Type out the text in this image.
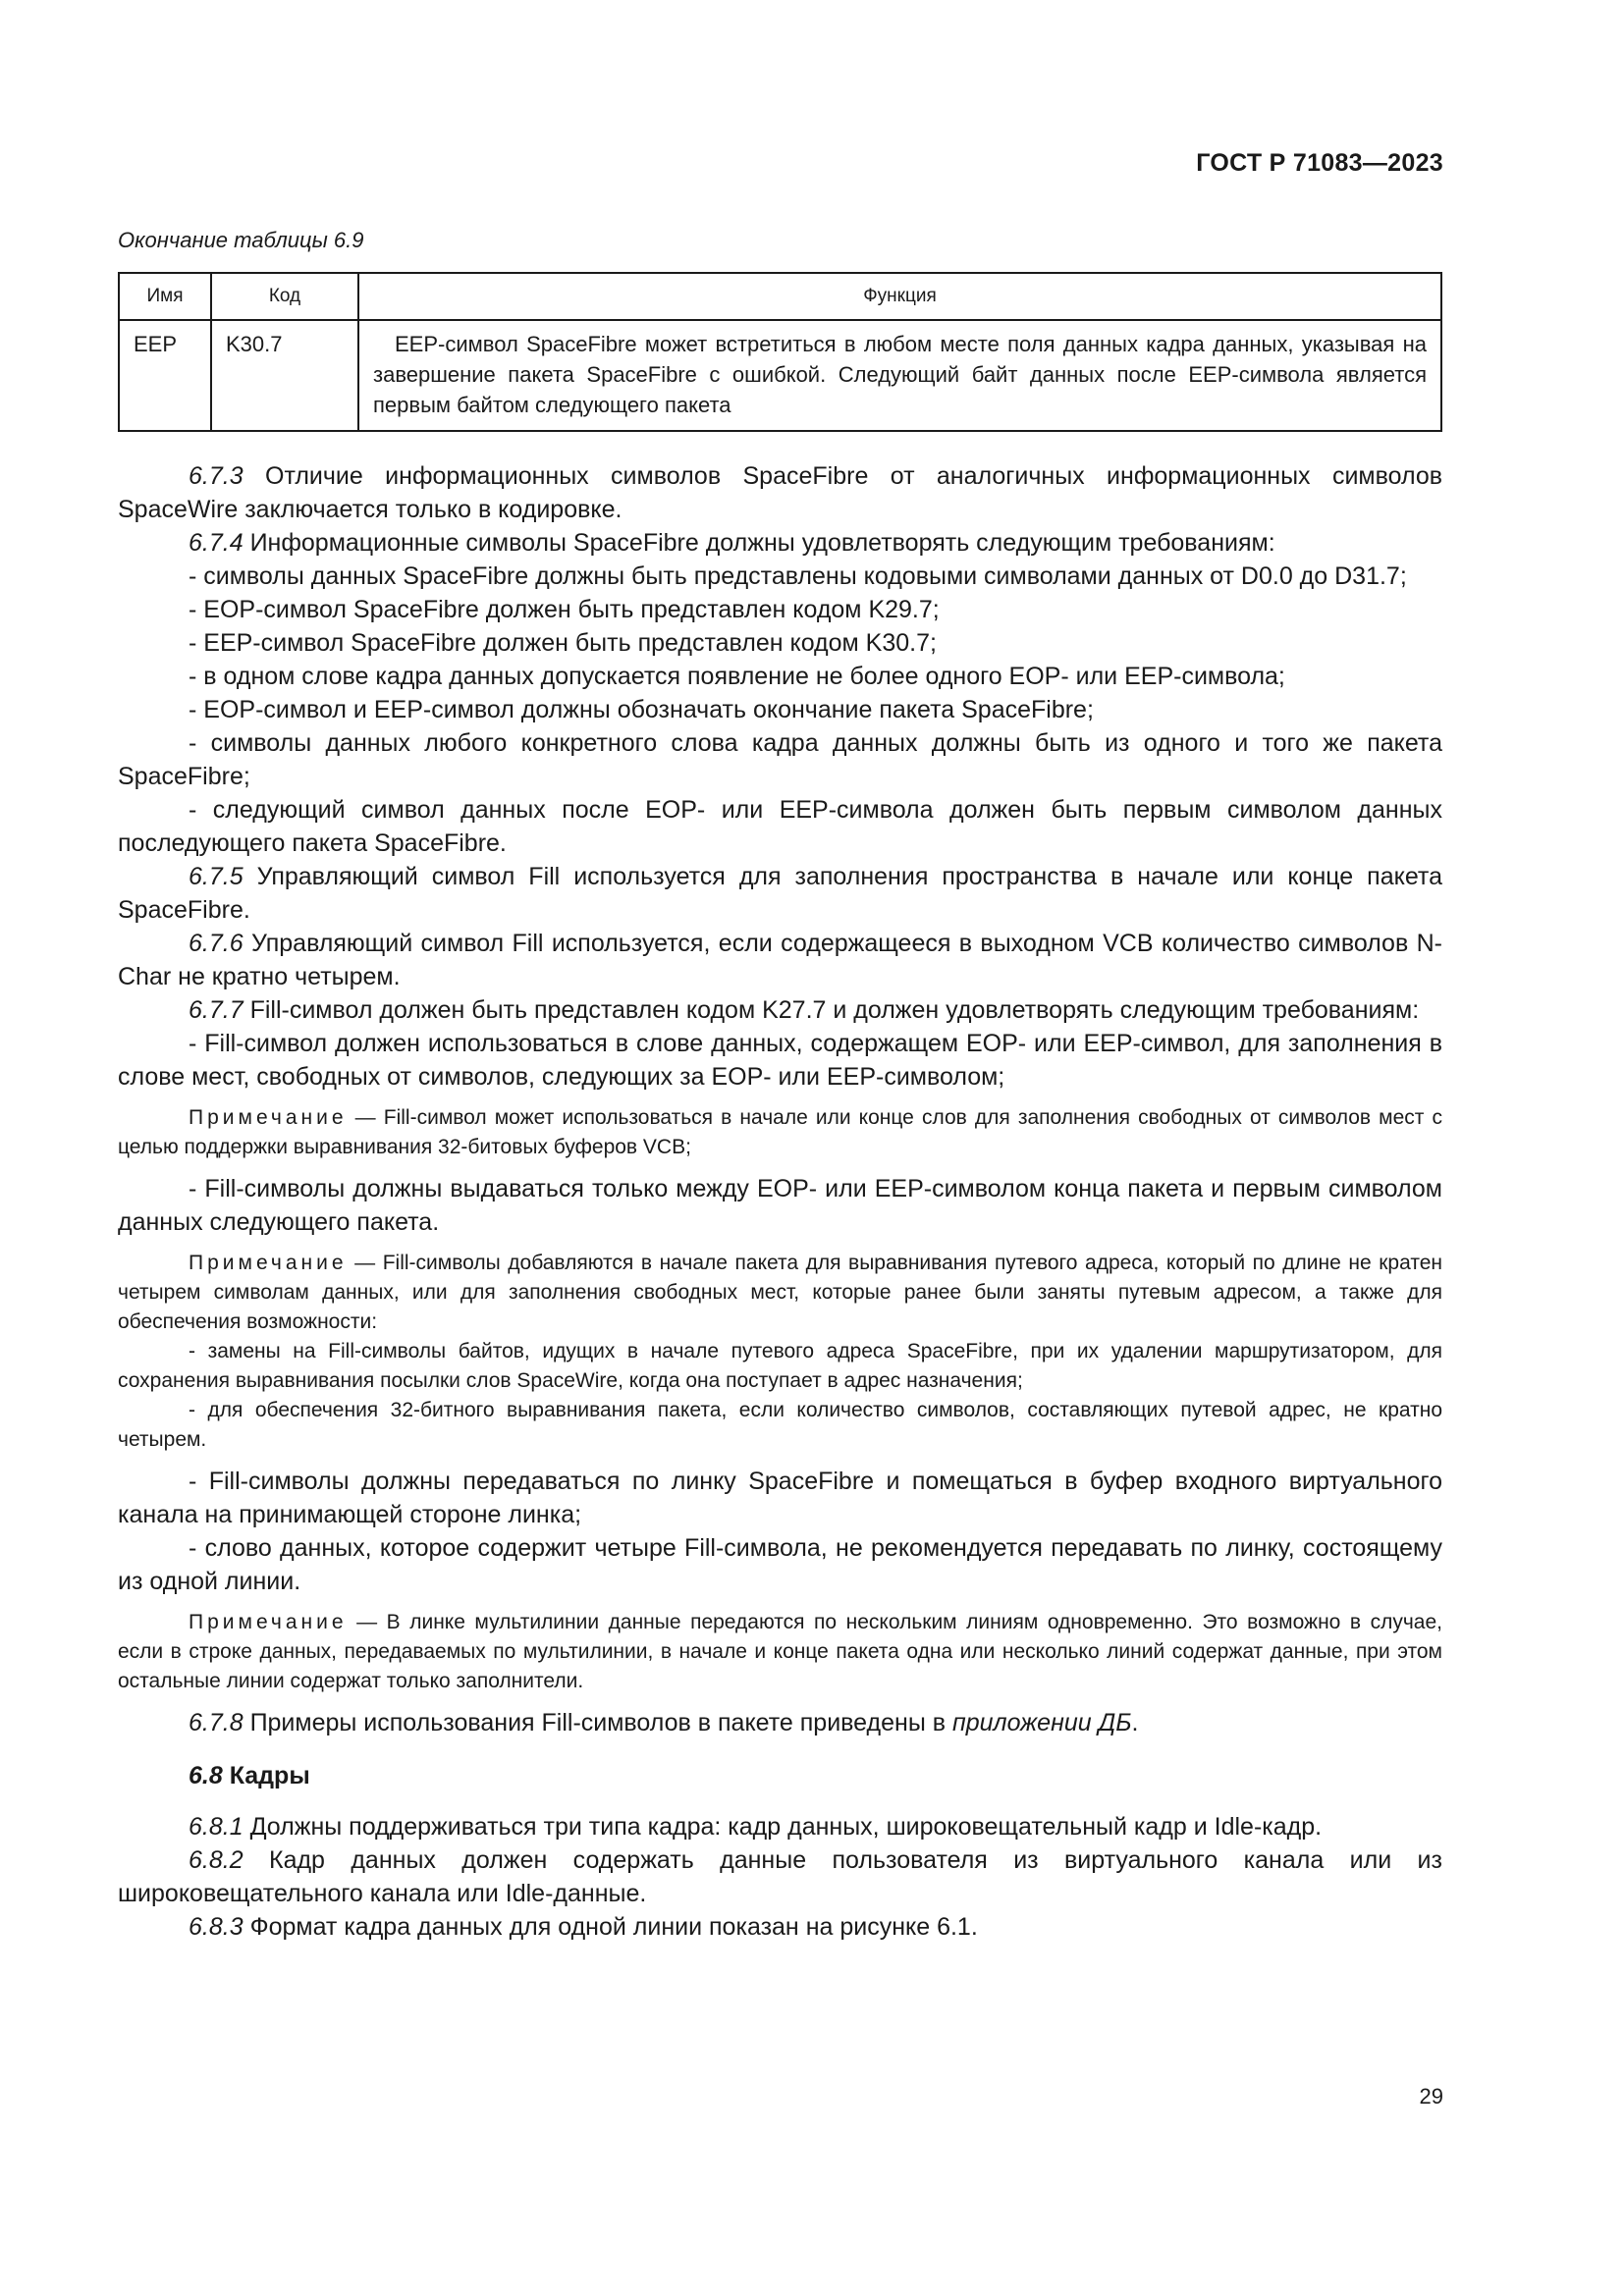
ГОСТ Р 71083—2023
Окончание таблицы 6.9
Имя	Код	Функция
EEP	K30.7	EEP-символ SpaceFibre может встретиться в любом месте поля данных кадра данных, указывая на завершение пакета SpaceFibre с ошибкой. Следующий байт данных после EEP-символа является первым байтом следующего пакета

6.7.3 Отличие информационных символов SpaceFibre от аналогичных информационных символов SpaceWire заключается только в кодировке.

6.7.4 Информационные символы SpaceFibre должны удовлетворять следующим требованиям:

- символы данных SpaceFibre должны быть представлены кодовыми символами данных от D0.0 до D31.7;

- EOP-символ SpaceFibre должен быть представлен кодом K29.7;

- EEP-символ SpaceFibre должен быть представлен кодом K30.7;

- в одном слове кадра данных допускается появление не более одного EOP- или EEP-символа;

- EOP-символ и EEP-символ должны обозначать окончание пакета SpaceFibre;

- символы данных любого конкретного слова кадра данных должны быть из одного и того же пакета SpaceFibre;

- следующий символ данных после EOP- или EEP-символа должен быть первым символом данных последующего пакета SpaceFibre.

6.7.5 Управляющий символ Fill используется для заполнения пространства в начале или конце пакета SpaceFibre.

6.7.6 Управляющий символ Fill используется, если содержащееся в выходном VCB количество символов N-Char не кратно четырем.

6.7.7 Fill-символ должен быть представлен кодом K27.7 и должен удовлетворять следующим требованиям:

- Fill-символ должен использоваться в слове данных, содержащем EOP- или EEP-символ, для заполнения в слове мест, свободных от символов, следующих за EOP- или EEP-символом;

Примечание — Fill-символ может использоваться в начале или конце слов для заполнения свободных от символов мест с целью поддержки выравнивания 32-битовых буферов VCB;

- Fill-символы должны выдаваться только между EOP- или EEP-символом конца пакета и первым символом данных следующего пакета.

Примечание — Fill-символы добавляются в начале пакета для выравнивания путевого адреса, который по длине не кратен четырем символам данных, или для заполнения свободных мест, которые ранее были заняты путевым адресом, а также для обеспечения возможности:

- замены на Fill-символы байтов, идущих в начале путевого адреса SpaceFibre, при их удалении маршрутизатором, для сохранения выравнивания посылки слов SpaceWire, когда она поступает в адрес назначения;

- для обеспечения 32-битного выравнивания пакета, если количество символов, составляющих путевой адрес, не кратно четырем.

- Fill-символы должны передаваться по линку SpaceFibre и помещаться в буфер входного виртуального канала на принимающей стороне линка;

- слово данных, которое содержит четыре Fill-символа, не рекомендуется передавать по линку, состоящему из одной линии.

Примечание — В линке мультилинии данные передаются по нескольким линиям одновременно. Это возможно в случае, если в строке данных, передаваемых по мультилинии, в начале и конце пакета одна или несколько линий содержат данные, при этом остальные линии содержат только заполнители.

6.7.8 Примеры использования Fill-символов в пакете приведены в приложении ДБ.

6.8 Кадры

6.8.1 Должны поддерживаться три типа кадра: кадр данных, широковещательный кадр и Idle-кадр.

6.8.2 Кадр данных должен содержать данные пользователя из виртуального канала или из широковещательного канала или Idle-данные.

6.8.3 Формат кадра данных для одной линии показан на рисунке 6.1.

29
